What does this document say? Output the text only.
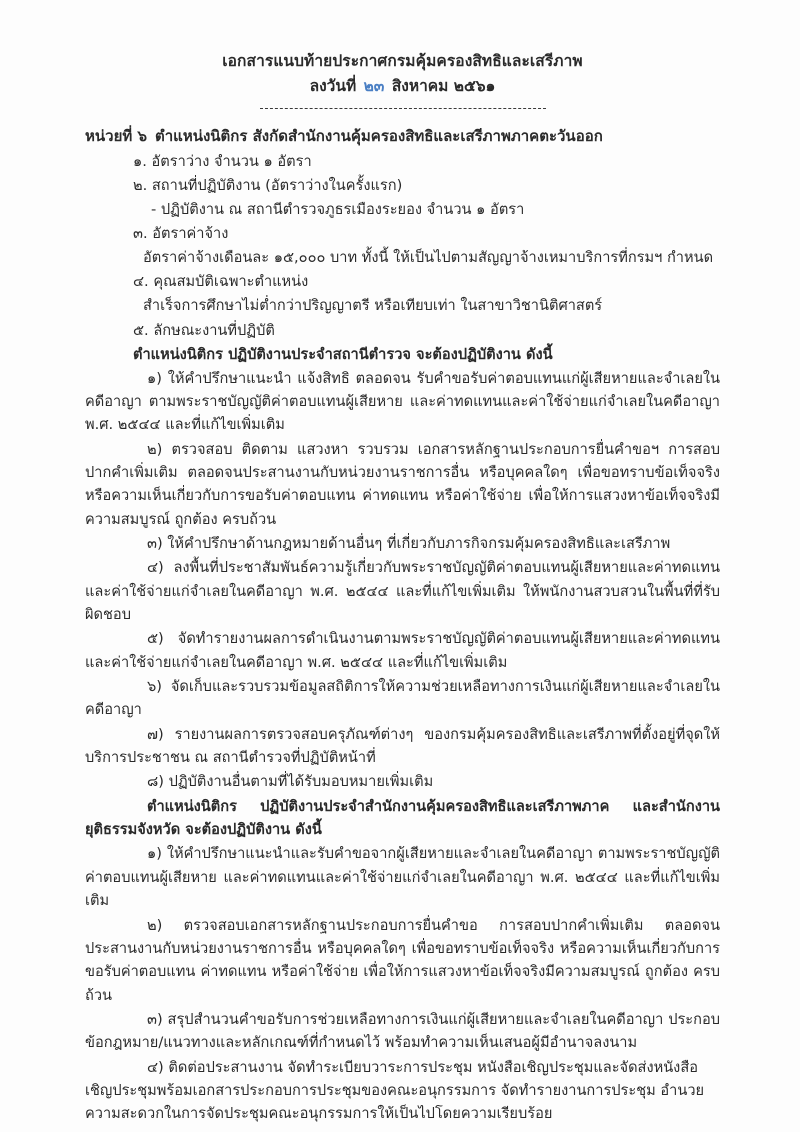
เอกสารแนบท้ายประกาศกรมคุ้มครองสิทธิและเสรีภาพ
ลงวันที่ ๒๓ สิงหาคม ๒๕๖๑
หน่วยที่ ๖ ตำแหน่งนิติกร สังกัดสำนักงานคุ้มครองสิทธิและเสรีภาพภาคตะวันออก
๑. อัตราว่าง จำนวน ๑ อัตรา
๒. สถานที่ปฏิบัติงาน (อัตราว่างในครั้งแรก)
- ปฏิบัติงาน ณ สถานีตำรวจภูธรเมืองระยอง จำนวน ๑ อัตรา
๓. อัตราค่าจ้าง
อัตราค่าจ้างเดือนละ ๑๕,๐๐๐ บาท ทั้งนี้ ให้เป็นไปตามสัญญาจ้างเหมาบริการที่กรมฯ กำหนด
๔. คุณสมบัติเฉพาะตำแหน่ง
สำเร็จการศึกษาไม่ต่ำกว่าปริญญาตรี หรือเทียบเท่า ในสาขาวิชานิติศาสตร์
๕. ลักษณะงานที่ปฏิบัติ
ตำแหน่งนิติกร ปฏิบัติงานประจำสถานีตำรวจ จะต้องปฏิบัติงาน ดังนี้

๑) ให้คำปรึกษาแนะนำ แจ้งสิทธิ ตลอดจน รับคำขอรับค่าตอบแทนแก่ผู้เสียหายและจำเลยในคดีอาญา ตามพระราชบัญญัติค่าตอบแทนผู้เสียหาย และค่าทดแทนและค่าใช้จ่ายแก่จำเลยในคดีอาญา พ.ศ. ๒๕๔๔ และที่แก้ไขเพิ่มเติม

๒) ตรวจสอบ ติดตาม แสวงหา รวบรวม เอกสารหลักฐานประกอบการยื่นคำขอฯ การสอบปากคำเพิ่มเติม ตลอดจนประสานงานกับหน่วยงานราชการอื่น หรือบุคคลใดๆ เพื่อขอทราบข้อเท็จจริง หรือความเห็นเกี่ยวกับการขอรับค่าตอบแทน ค่าทดแทน หรือค่าใช้จ่าย เพื่อให้การแสวงหาข้อเท็จจริงมีความสมบูรณ์ ถูกต้อง ครบถ้วน

๓) ให้คำปรึกษาด้านกฎหมายด้านอื่นๆ ที่เกี่ยวกับภารกิจกรมคุ้มครองสิทธิและเสรีภาพ

๔) ลงพื้นที่ประชาสัมพันธ์ความรู้เกี่ยวกับพระราชบัญญัติค่าตอบแทนผู้เสียหายและค่าทดแทนและค่าใช้จ่ายแก่จำเลยในคดีอาญา พ.ศ. ๒๕๔๔ และที่แก้ไขเพิ่มเติม ให้พนักงานสวบสวนในพื้นที่ที่รับผิดชอบ

๕) จัดทำรายงานผลการดำเนินงานตามพระราชบัญญัติค่าตอบแทนผู้เสียหายและค่าทดแทนและค่าใช้จ่ายแก่จำเลยในคดีอาญา พ.ศ. ๒๕๔๔ และที่แก้ไขเพิ่มเติม

๖) จัดเก็บและรวบรวมข้อมูลสถิติการให้ความช่วยเหลือทางการเงินแก่ผู้เสียหายและจำเลยในคดีอาญา

๗) รายงานผลการตรวจสอบครุภัณฑ์ต่างๆ ของกรมคุ้มครองสิทธิและเสรีภาพที่ตั้งอยู่ที่จุดให้บริการประชาชน ณ สถานีตำรวจที่ปฏิบัติหน้าที่

๘) ปฏิบัติงานอื่นตามที่ได้รับมอบหมายเพิ่มเติม

ตำแหน่งนิติกร ปฏิบัติงานประจำสำนักงานคุ้มครองสิทธิและเสรีภาพภาค และสำนักงานยุติธรรมจังหวัด จะต้องปฏิบัติงาน ดังนี้

๑) ให้คำปรึกษาแนะนำและรับคำขอจากผู้เสียหายและจำเลยในคดีอาญา ตามพระราชบัญญัติค่าตอบแทนผู้เสียหาย และค่าทดแทนและค่าใช้จ่ายแก่จำเลยในคดีอาญา พ.ศ. ๒๕๔๔ และที่แก้ไขเพิ่มเติม

๒) ตรวจสอบเอกสารหลักฐานประกอบการยื่นคำขอ การสอบปากคำเพิ่มเติม ตลอดจนประสานงานกับหน่วยงานราชการอื่น หรือบุคคลใดๆ เพื่อขอทราบข้อเท็จจริง หรือความเห็นเกี่ยวกับการขอรับค่าตอบแทน ค่าทดแทน หรือค่าใช้จ่าย เพื่อให้การแสวงหาข้อเท็จจริงมีความสมบูรณ์ ถูกต้อง ครบถ้วน

๓) สรุปสำนวนคำขอรับการช่วยเหลือทางการเงินแก่ผู้เสียหายและจำเลยในคดีอาญา ประกอบข้อกฎหมาย/แนวทางและหลักเกณฑ์ที่กำหนดไว้ พร้อมทำความเห็นเสนอผู้มีอำนาจลงนาม

๔) ติดต่อประสานงาน จัดทำระเบียบวาระการประชุม หนังสือเชิญประชุมและจัดส่งหนังสือเชิญประชุมพร้อมเอกสารประกอบการประชุมของคณะอนุกรรมการ จัดทำรายงานการประชุม อำนวยความสะดวกในการจัดประชุมคณะอนุกรรมการให้เป็นไปโดยความเรียบร้อย
